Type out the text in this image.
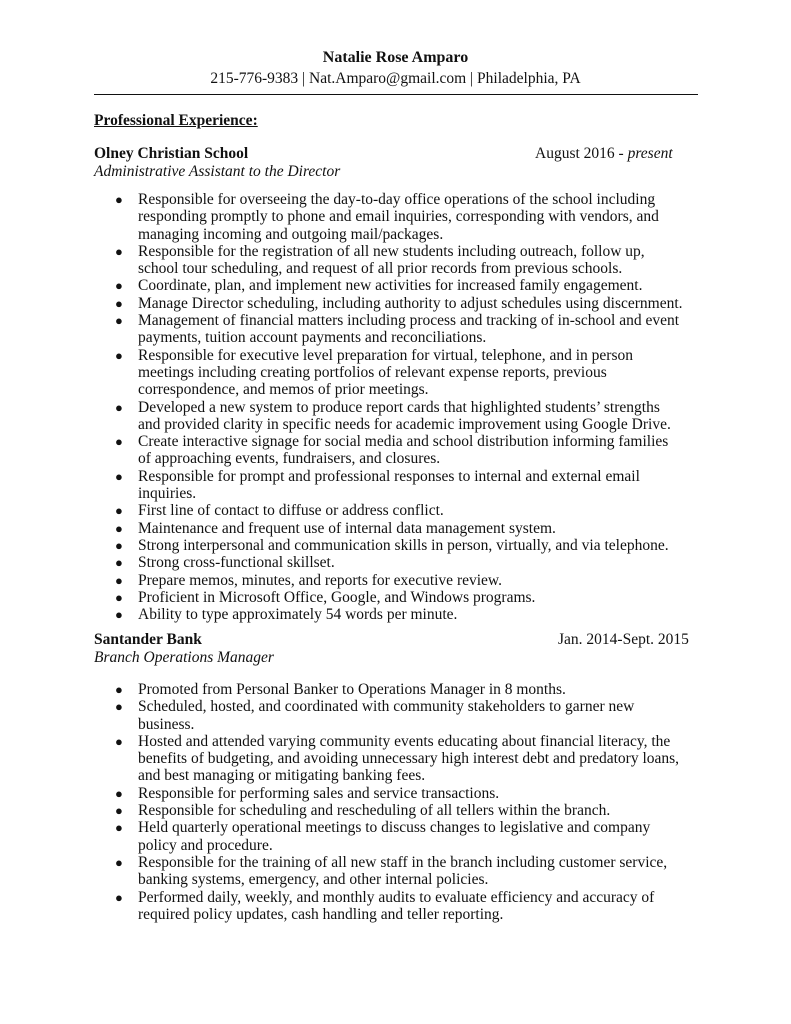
Natalie Rose Amparo
215-776-9383 | Nat.Amparo@gmail.com | Philadelphia, PA
Professional Experience:
Olney Christian School	August 2016 - present
Administrative Assistant to the Director
● Responsible for overseeing the day-to-day office operations of the school including responding promptly to phone and email inquiries, corresponding with vendors, and managing incoming and outgoing mail/packages.
● Responsible for the registration of all new students including outreach, follow up, school tour scheduling, and request of all prior records from previous schools.
● Coordinate, plan, and implement new activities for increased family engagement.
● Manage Director scheduling, including authority to adjust schedules using discernment.
● Management of financial matters including process and tracking of in-school and event payments, tuition account payments and reconciliations.
● Responsible for executive level preparation for virtual, telephone, and in person meetings including creating portfolios of relevant expense reports, previous correspondence, and memos of prior meetings.
● Developed a new system to produce report cards that highlighted students’ strengths and provided clarity in specific needs for academic improvement using Google Drive.
● Create interactive signage for social media and school distribution informing families of approaching events, fundraisers, and closures.
● Responsible for prompt and professional responses to internal and external email inquiries.
● First line of contact to diffuse or address conflict.
● Maintenance and frequent use of internal data management system.
● Strong interpersonal and communication skills in person, virtually, and via telephone.
● Strong cross-functional skillset.
● Prepare memos, minutes, and reports for executive review.
● Proficient in Microsoft Office, Google, and Windows programs.
● Ability to type approximately 54 words per minute.
Santander Bank	Jan. 2014-Sept. 2015
Branch Operations Manager
● Promoted from Personal Banker to Operations Manager in 8 months.
● Scheduled, hosted, and coordinated with community stakeholders to garner new business.
● Hosted and attended varying community events educating about financial literacy, the benefits of budgeting, and avoiding unnecessary high interest debt and predatory loans, and best managing or mitigating banking fees.
● Responsible for performing sales and service transactions.
● Responsible for scheduling and rescheduling of all tellers within the branch.
● Held quarterly operational meetings to discuss changes to legislative and company policy and procedure.
● Responsible for the training of all new staff in the branch including customer service, banking systems, emergency, and other internal policies.
● Performed daily, weekly, and monthly audits to evaluate efficiency and accuracy of required policy updates, cash handling and teller reporting.
